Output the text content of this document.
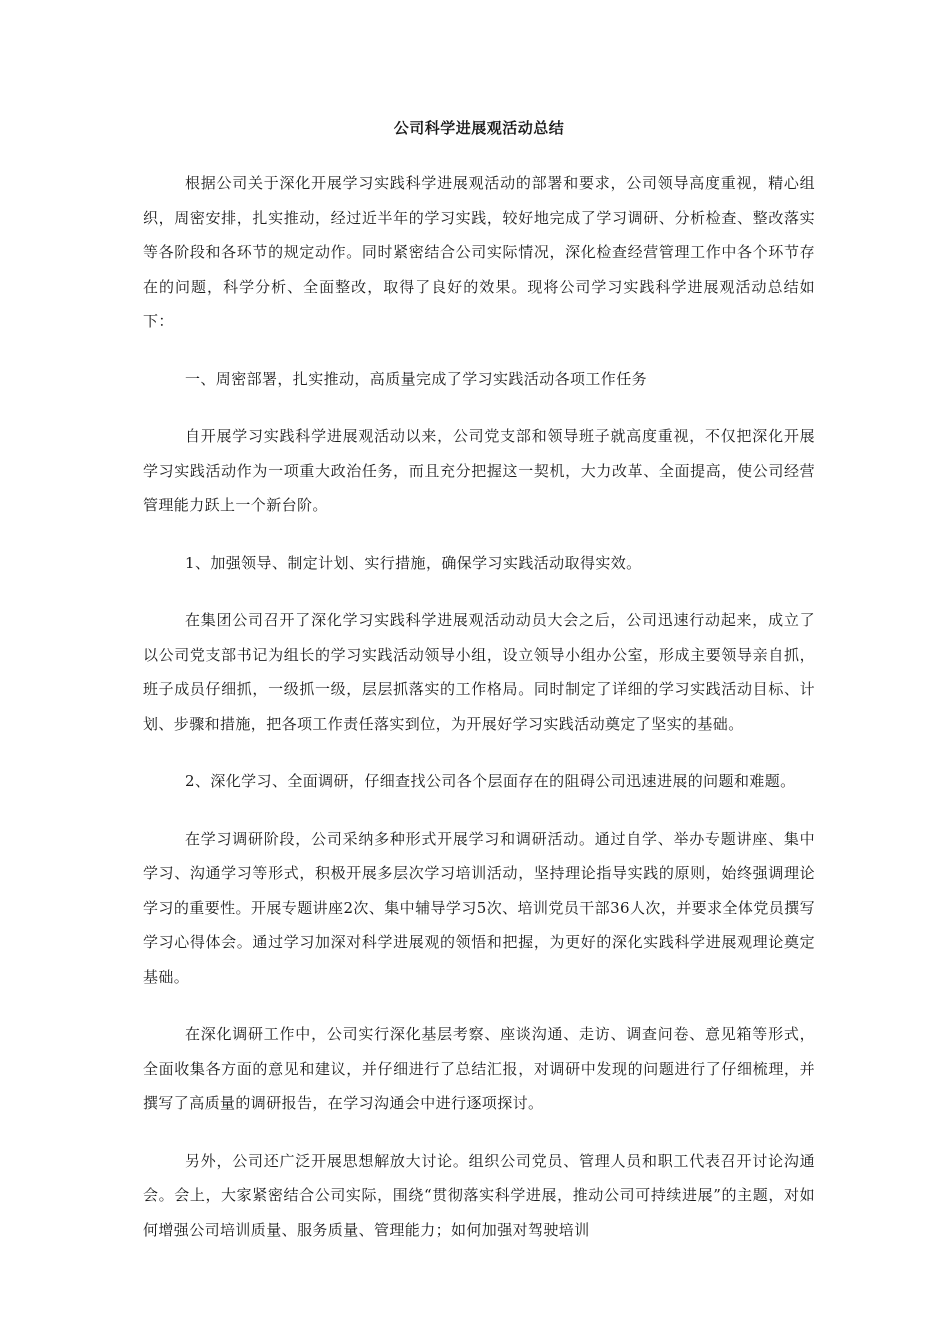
公司科学进展观活动总结

根据公司关于深化开展学习实践科学进展观活动的部署和要求，公司领导高度重视，精心组织，周密安排，扎实推动，经过近半年的学习实践，较好地完成了学习调研、分析检查、整改落实等各阶段和各环节的规定动作。同时紧密结合公司实际情况，深化检查经营管理工作中各个环节存在的问题，科学分析、全面整改，取得了良好的效果。现将公司学习实践科学进展观活动总结如下：

一、周密部署，扎实推动，高质量完成了学习实践活动各项工作任务

自开展学习实践科学进展观活动以来，公司党支部和领导班子就高度重视，不仅把深化开展学习实践活动作为一项重大政治任务，而且充分把握这一契机，大力改革、全面提高，使公司经营管理能力跃上一个新台阶。

1、加强领导、制定计划、实行措施，确保学习实践活动取得实效。

在集团公司召开了深化学习实践科学进展观活动动员大会之后，公司迅速行动起来，成立了以公司党支部书记为组长的学习实践活动领导小组，设立领导小组办公室，形成主要领导亲自抓，班子成员仔细抓，一级抓一级，层层抓落实的工作格局。同时制定了详细的学习实践活动目标、计划、步骤和措施，把各项工作责任落实到位，为开展好学习实践活动奠定了坚实的基础。

2、深化学习、全面调研，仔细查找公司各个层面存在的阻碍公司迅速进展的问题和难题。

在学习调研阶段，公司采纳多种形式开展学习和调研活动。通过自学、举办专题讲座、集中学习、沟通学习等形式，积极开展多层次学习培训活动，坚持理论指导实践的原则，始终强调理论学习的重要性。开展专题讲座2次、集中辅导学习5次、培训党员干部36人次，并要求全体党员撰写学习心得体会。通过学习加深对科学进展观的领悟和把握，为更好的深化实践科学进展观理论奠定基础。

在深化调研工作中，公司实行深化基层考察、座谈沟通、走访、调查问卷、意见箱等形式，全面收集各方面的意见和建议，并仔细进行了总结汇报，对调研中发现的问题进行了仔细梳理，并撰写了高质量的调研报告，在学习沟通会中进行逐项探讨。

另外，公司还广泛开展思想解放大讨论。组织公司党员、管理人员和职工代表召开讨论沟通会。会上，大家紧密结合公司实际，围绕“贯彻落实科学进展，推动公司可持续进展”的主题，对如何增强公司培训质量、服务质量、管理能力；如何加强对驾驶培训
